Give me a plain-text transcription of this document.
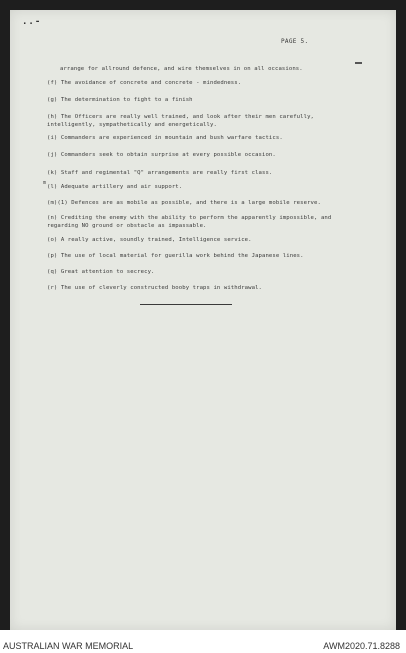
..-
PAGE 5.
arrange for allround defence, and wire themselves in on all occasions.
(f) The avoidance of concrete and concrete - mindedness.
(g) The determination to fight to a finish
(h) The Officers are really well trained, and look after their men carefully, intelligently, sympathetically and energetically.
(i) Commanders are experienced in mountain and bush warfare tactics.
(j) Commanders seek to obtain surprise at every possible occasion.
(k) Staff and regimental "Q" arrangements are really first class.
m
(l) Adequate artillery and air support.
(m)(1) Defences are as mobile as possible, and there is a large mobile reserve.
(n) Crediting the enemy with the ability to perform the apparently impossible, and regarding NO ground or obstacle as impassable.
(o) A really active, soundly trained, Intelligence service.
(p) The use of local material for guerilla work behind the Japanese lines.
(q) Great attention to secrecy.
(r) The use of cleverly constructed booby traps in withdrawal.
AUSTRALIAN WAR MEMORIAL	AWM2020.71.8288
